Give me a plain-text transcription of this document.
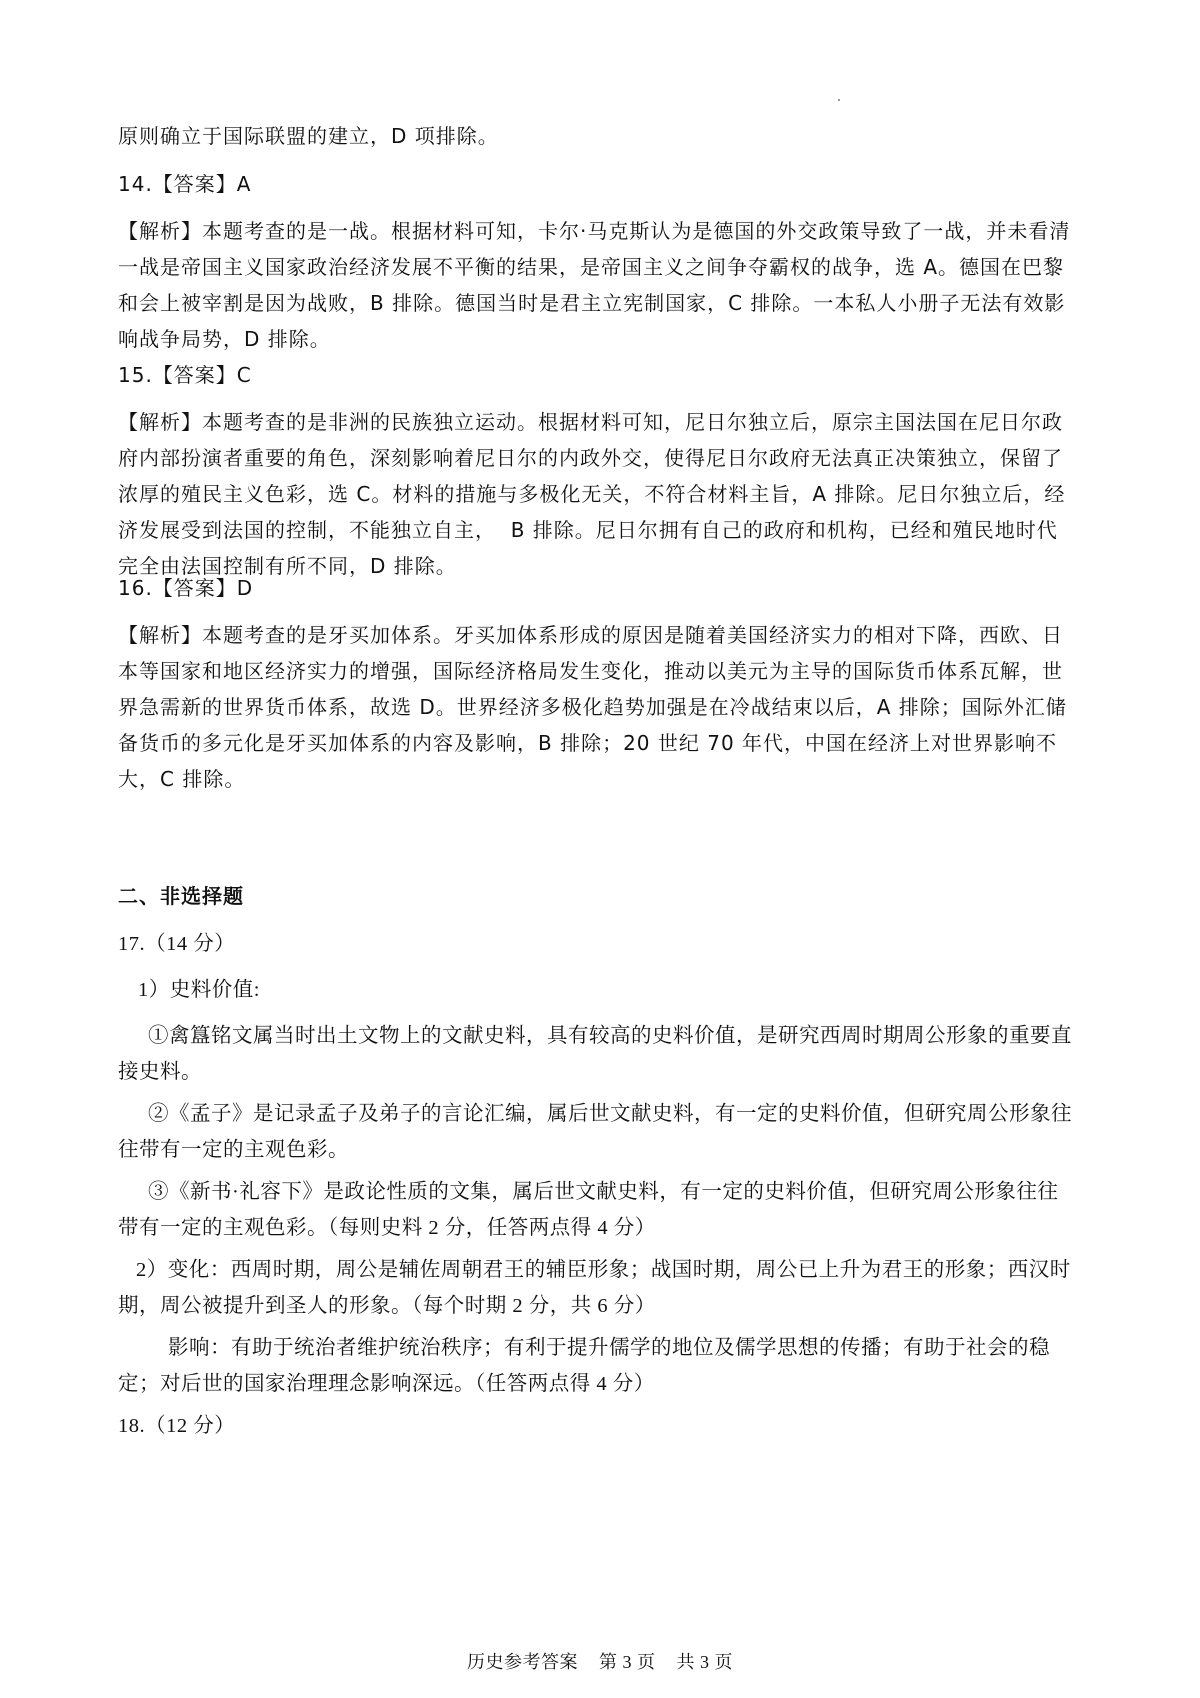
原则确立于国际联盟的建立，D 项排除。
14.【答案】A
【解析】本题考查的是一战。根据材料可知，卡尔·马克斯认为是德国的外交政策导致了一战，并未看清一战是帝国主义国家政治经济发展不平衡的结果，是帝国主义之间争夺霸权的战争，选 A。德国在巴黎和会上被宰割是因为战败，B 排除。德国当时是君主立宪制国家，C 排除。一本私人小册子无法有效影响战争局势，D 排除。
15.【答案】C
【解析】本题考查的是非洲的民族独立运动。根据材料可知，尼日尔独立后，原宗主国法国在尼日尔政府内部扮演者重要的角色，深刻影响着尼日尔的内政外交，使得尼日尔政府无法真正决策独立，保留了浓厚的殖民主义色彩，选 C。材料的措施与多极化无关，不符合材料主旨，A 排除。尼日尔独立后，经济发展受到法国的控制，不能独立自主，  B 排除。尼日尔拥有自己的政府和机构，已经和殖民地时代完全由法国控制有所不同，D 排除。
16.【答案】D
【解析】本题考查的是牙买加体系。牙买加体系形成的原因是随着美国经济实力的相对下降，西欧、日本等国家和地区经济实力的增强，国际经济格局发生变化，推动以美元为主导的国际货币体系瓦解，世界急需新的世界货币体系，故选 D。世界经济多极化趋势加强是在冷战结束以后，A 排除；国际外汇储备货币的多元化是牙买加体系的内容及影响，B 排除；20 世纪 70 年代，中国在经济上对世界影响不大，C 排除。
二、非选择题
17.（14 分）
1）史料价值:
①禽簋铭文属当时出土文物上的文献史料，具有较高的史料价值，是研究西周时期周公形象的重要直接史料。
②《孟子》是记录孟子及弟子的言论汇编，属后世文献史料，有一定的史料价值，但研究周公形象往往带有一定的主观色彩。
③《新书·礼容下》是政论性质的文集，属后世文献史料，有一定的史料价值，但研究周公形象往往带有一定的主观色彩。（每则史料 2 分，任答两点得 4 分）
2）变化：西周时期，周公是辅佐周朝君王的辅臣形象；战国时期，周公已上升为君王的形象；西汉时期，周公被提升到圣人的形象。（每个时期 2 分，共 6 分）
影响：有助于统治者维护统治秩序；有利于提升儒学的地位及儒学思想的传播；有助于社会的稳定；对后世的国家治理理念影响深远。（任答两点得 4 分）
18.（12 分）
历史参考答案 第 3 页 共 3 页
